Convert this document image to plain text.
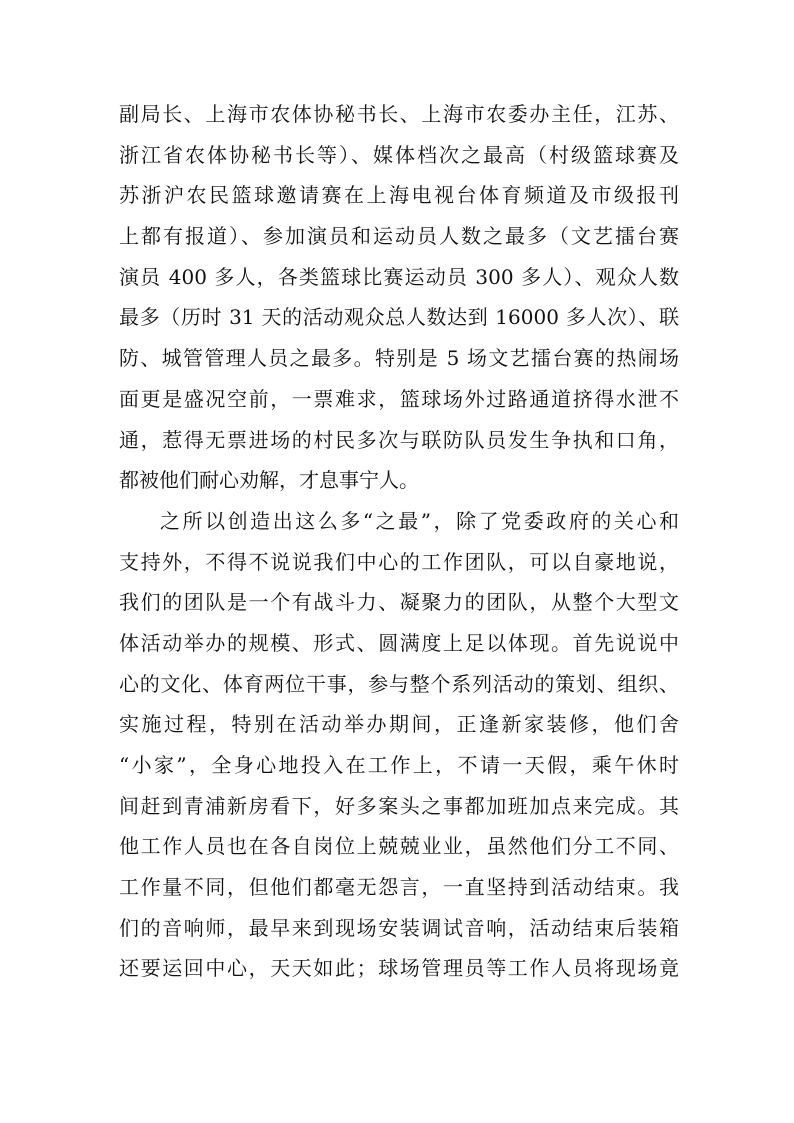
副局长、上海市农体协秘书长、上海市农委办主任，江苏、
浙江省农体协秘书长等）、媒体档次之最高（村级篮球赛及
苏浙沪农民篮球邀请赛在上海电视台体育频道及市级报刊
上都有报道）、参加演员和运动员人数之最多（文艺擂台赛
演员 400 多人，各类篮球比赛运动员 300 多人）、观众人数
最多（历时 31 天的活动观众总人数达到 16000 多人次）、联
防、城管管理人员之最多。特别是 5 场文艺擂台赛的热闹场
面更是盛况空前，一票难求，篮球场外过路通道挤得水泄不
通，惹得无票进场的村民多次与联防队员发生争执和口角，
都被他们耐心劝解，才息事宁人。
之所以创造出这么多“之最”，除了党委政府的关心和
支持外，不得不说说我们中心的工作团队，可以自豪地说，
我们的团队是一个有战斗力、凝聚力的团队，从整个大型文
体活动举办的规模、形式、圆满度上足以体现。首先说说中
心的文化、体育两位干事，参与整个系列活动的策划、组织、
实施过程，特别在活动举办期间，正逢新家装修，他们舍
“小家”，全身心地投入在工作上，不请一天假，乘午休时
间赶到青浦新房看下，好多案头之事都加班加点来完成。其
他工作人员也在各自岗位上兢兢业业，虽然他们分工不同、
工作量不同，但他们都毫无怨言，一直坚持到活动结束。我
们的音响师，最早来到现场安装调试音响，活动结束后装箱
还要运回中心，天天如此；球场管理员等工作人员将现场竟
